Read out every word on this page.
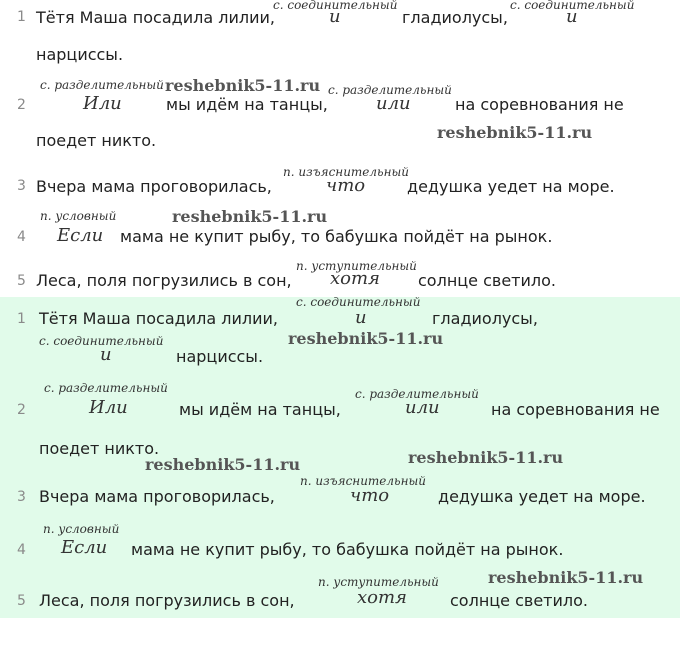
1 Тётя Маша посадила лилии,
с. соединительный
и	гладиолусы,
с. соединительный
и
нарциссы.
с. разделительный reshebnik5-11.ru с. разделительный
2	Или	мы идём на танцы,	или	на соревнования не
reshebnik5-11.ru
поедет никто.
п. изъяснительный
3 Вчера мама проговорилась,	что	дедушка уедет на море.
п. условный	reshebnik5-11.ru
4 Если мама не купит рыбу, то бабушка пойдёт на рынок.
п. уступительный
5 Леса, поля погрузились в сон, хотя солнце светило.
с. соединительный
1 Тётя Маша посадила лилии,	и	гладиолусы,
с. соединительный	reshebnik5-11.ru
и	нарциссы.
с. разделительный	с. разделительный
2	Или	мы идём на танцы,	или	на соревнования не
поедет никто.
reshebnik5-11.ru	reshebnik5-11.ru
п. изъяснительный
3 Вчера мама проговорилась,	что	дедушка уедет на море.
п. условный
4 Если мама не купит рыбу, то бабушка пойдёт на рынок.
reshebnik5-11.ru
п. уступительный
5 Леса, поля погрузились в сон,	хотя	солнце светило.
